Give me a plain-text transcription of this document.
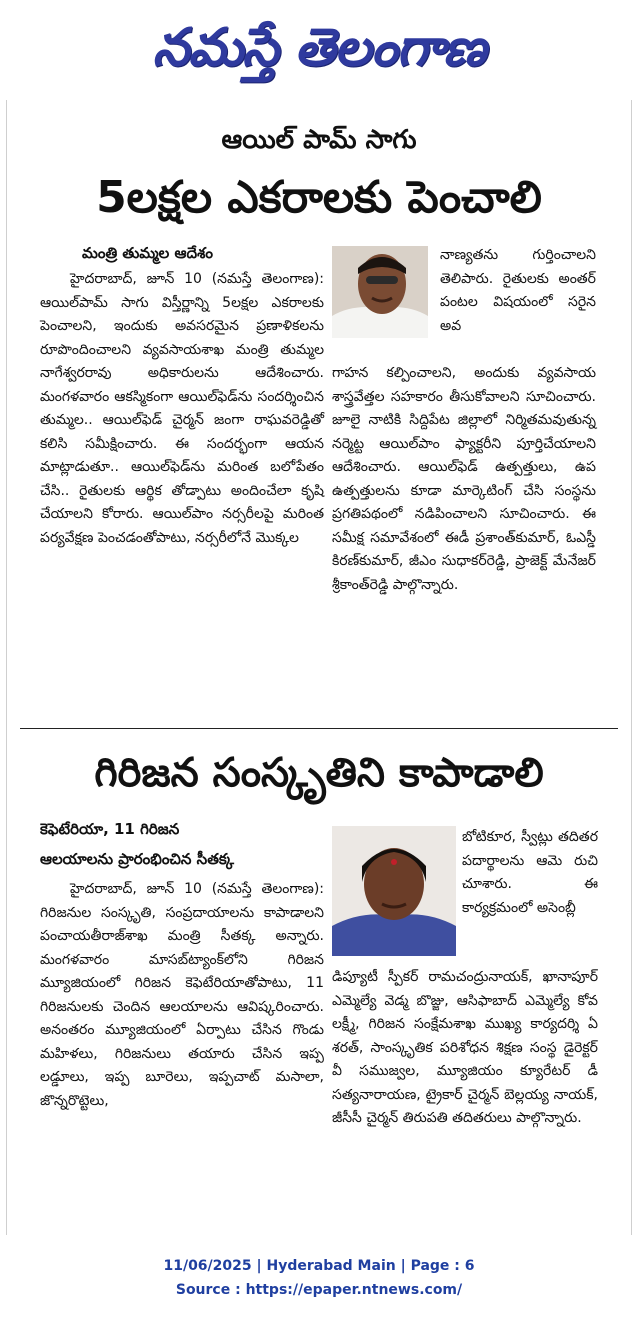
నమస్తే తెలంగాణ
ఆయిల్ పామ్ సాగు
5లక్షల ఎకరాలకు పెంచాలి
మంత్రి తుమ్మల ఆదేశం

హైదరాబాద్, జూన్ 10 (నమస్తే తెలంగాణ): ఆయిల్‌పామ్ సాగు విస్తీర్ణాన్ని 5లక్షల ఎకరాలకు పెంచాలని, ఇందుకు అవసరమైన ప్రణాళికలను రూపొందించాలని వ్యవసాయశాఖ మంత్రి తుమ్మల నాగేశ్వరరావు అధికారులను ఆదేశించారు. మంగళవారం ఆకస్మికంగా ఆయిల్‌ఫెడ్‌ను సందర్శించిన తుమ్మల.. ఆయిల్‌ఫెడ్ చైర్మన్ జంగా రాఘవరెడ్డితో కలిసి సమీక్షించారు. ఈ సందర్భంగా ఆయన మాట్లాడుతూ.. ఆయిల్‌ఫెడ్‌ను మరింత బలోపేతం చేసి.. రైతులకు ఆర్థిక తోడ్పాటు అందించేలా కృషి చేయాలని కోరారు. ఆయిల్‌పాం నర్సరీలపై మరింత పర్యవేక్షణ పెంచడంతోపాటు, నర్సరీలోనే మొక్కల

నాణ్యతను గుర్తించాలని తెలిపారు. రైతులకు అంతర్ పంటల విషయంలో సరైన అవ

గాహన కల్పించాలని, అందుకు వ్యవసాయ శాస్త్రవేత్తల సహకారం తీసుకోవాలని సూచించారు. జూలై నాటికి సిద్దిపేట జిల్లాలో నిర్మితమవుతున్న నర్మెట్ట ఆయిల్‌పాం ఫ్యాక్టరీని పూర్తిచేయాలని ఆదేశించారు. ఆయిల్‌ఫెడ్ ఉత్పత్తులు, ఉప ఉత్పత్తులను కూడా మార్కెటింగ్ చేసి సంస్థను ప్రగతిపథంలో నడిపించాలని సూచించారు. ఈ సమీక్ష సమావేశంలో ఈడీ ప్రశాంత్‌కుమార్, ఓఎస్డీ కిరణ్‌కుమార్, జీఎం సుధాకర్‌రెడ్డి, ప్రాజెక్ట్ మేనేజర్ శ్రీకాంత్‌రెడ్డి పాల్గొన్నారు.

గిరిజన సంస్కృతిని కాపాడాలి
కెఫెటేరియా, 11 గిరిజన
ఆలయాలను ప్రారంభించిన సీతక్క

హైదరాబాద్, జూన్ 10 (నమస్తే తెలంగాణ): గిరిజనుల సంస్కృతి, సంప్రదాయాలను కాపాడాలని పంచాయతీరాజ్‌శాఖ మంత్రి సీతక్క అన్నారు. మంగళవారం మాసబ్‌ట్యాంక్‌లోని గిరిజన మ్యూజియంలో గిరిజన కెఫెటేరియాతోపాటు, 11 గిరిజనులకు చెందిన ఆలయాలను ఆవిష్కరించారు. అనంతరం మ్యూజియంలో ఏర్పాటు చేసిన గొండు మహిళలు, గిరిజనులు తయారు చేసిన ఇప్ప లడ్డూలు, ఇప్ప బూరెలు, ఇప్పచాట్ మసాలా, జొన్నరొట్టెలు,

బోటికూర, స్వీట్లు తదితర పదార్థాలను ఆమె రుచి చూశారు. ఈ కార్యక్రమంలో అసెంబ్లీ

డిప్యూటీ స్పీకర్ రామచంద్రునాయక్, ఖానాపూర్ ఎమ్మెల్యే వెడ్మ బొజ్జు, ఆసిఫాబాద్ ఎమ్మెల్యే కోవ లక్ష్మీ, గిరిజన సంక్షేమశాఖ ముఖ్య కార్యదర్శి ఏ శరత్, సాంస్కృతిక పరిశోధన శిక్షణ సంస్థ డైరెక్టర్ వీ సముజ్వల, మ్యూజియం క్యూరేటర్ డీ సత్యనారాయణ, ట్రైకార్ చైర్మన్ బెల్లయ్య నాయక్, జీసీసీ చైర్మన్ తిరుపతి తదితరులు పాల్గొన్నారు.

11/06/2025 | Hyderabad Main | Page : 6
Source : https://epaper.ntnews.com/
